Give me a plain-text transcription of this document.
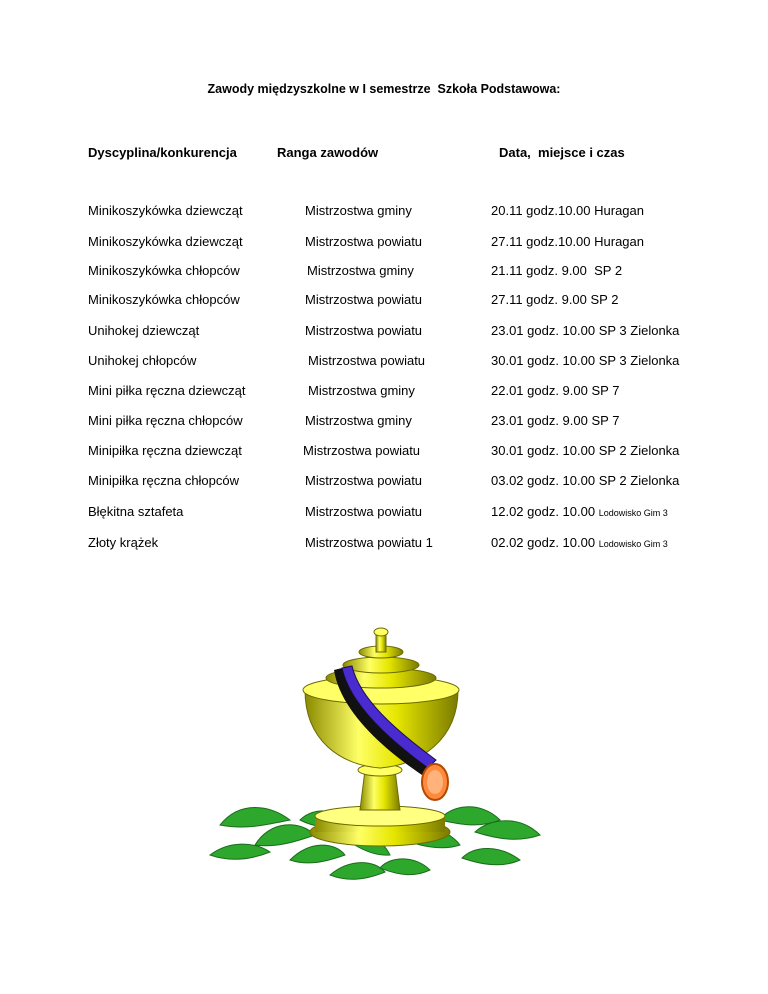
Zawody międzyszkolne w I semestrze  Szkoła Podstawowa:
Dyscyplina/konkurencja	Ranga zawodów	Data,  miejsce i czas
Minikoszykówka dziewcząt	Mistrzostwa gminy	20.11 godz.10.00 Huragan
Minikoszykówka dziewcząt	Mistrzostwa powiatu	27.11 godz.10.00 Huragan
Minikoszykówka chłopców	Mistrzostwa gminy	21.11 godz. 9.00  SP 2
Minikoszykówka chłopców	Mistrzostwa powiatu	27.11 godz. 9.00 SP 2
Unihokej dziewcząt	Mistrzostwa powiatu	23.01 godz. 10.00 SP 3 Zielonka
Unihokej chłopców	Mistrzostwa powiatu	30.01 godz. 10.00 SP 3 Zielonka
Mini piłka ręczna dziewcząt	Mistrzostwa gminy	22.01 godz. 9.00 SP 7
Mini piłka ręczna chłopców	Mistrzostwa gminy	23.01 godz. 9.00 SP 7
Minipiłka ręczna dziewcząt	Mistrzostwa powiatu	30.01 godz. 10.00 SP 2 Zielonka
Minipiłka ręczna chłopców	Mistrzostwa powiatu	03.02 godz. 10.00 SP 2 Zielonka
Błękitna sztafeta	Mistrzostwa powiatu	12.02 godz. 10.00 Lodowisko Gim 3
Złoty krążek	Mistrzostwa powiatu 1	02.02 godz. 10.00 Lodowisko Gim 3
